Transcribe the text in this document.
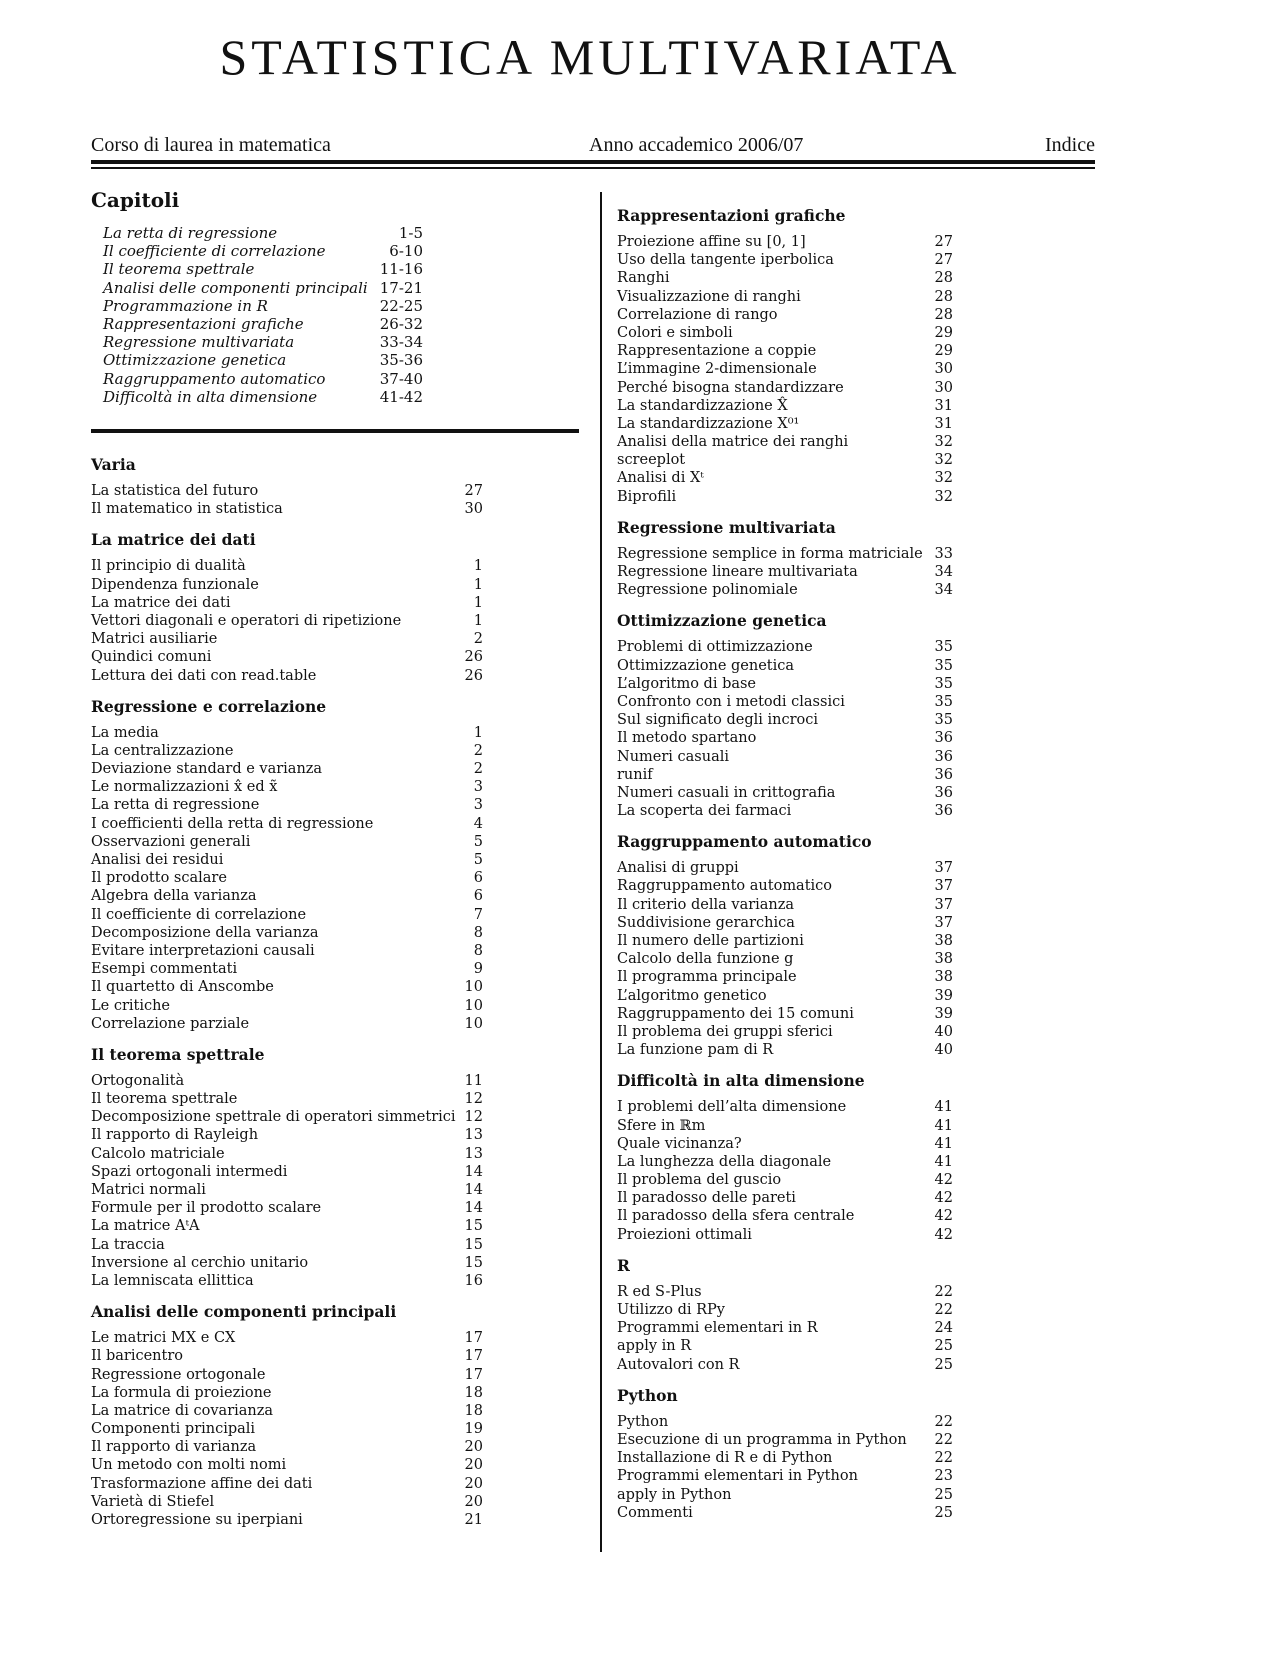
STATISTICA MULTIVARIATA
Corso di laurea in matematica	Anno accademico 2006/07	Indice
Capitoli
La retta di regressione	1-5
Il coefficiente di correlazione	6-10
Il teorema spettrale	11-16
Analisi delle componenti principali 17-21
Programmazione in R	22-25
Rappresentazioni grafiche	26-32
Regressione multivariata	33-34
Ottimizzazione genetica	35-36
Raggruppamento automatico	37-40
Difficoltà in alta dimensione	41-42
Varia
La statistica del futuro	27
Il matematico in statistica	30
La matrice dei dati
Il principio di dualità	1
Dipendenza funzionale	1
La matrice dei dati	1
Vettori diagonali e operatori di ripetizione	1
Matrici ausiliarie	2
Quindici comuni	26
Lettura dei dati con read.table	26
Regressione e correlazione
La media	1
La centralizzazione	2
Deviazione standard e varianza	2
Le normalizzazioni x̂ ed x̃	3
La retta di regressione	3
I coefficienti della retta di regressione	4
Osservazioni generali	5
Analisi dei residui	5
Il prodotto scalare	6
Algebra della varianza	6
Il coefficiente di correlazione	7
Decomposizione della varianza	8
Evitare interpretazioni causali	8
Esempi commentati	9
Il quartetto di Anscombe	10
Le critiche	10
Correlazione parziale	10
Il teorema spettrale
Ortogonalità	11
Il teorema spettrale	12
Decomposizione spettrale di operatori simmetrici 12
Il rapporto di Rayleigh	13
Calcolo matriciale	13
Spazi ortogonali intermedi	14
Matrici normali	14
Formule per il prodotto scalare	14
La matrice AᵗA	15
La traccia	15
Inversione al cerchio unitario	15
La lemniscata ellittica	16
Analisi delle componenti principali
Le matrici MX e CX	17
Il baricentro	17
Regressione ortogonale	17
La formula di proiezione	18
La matrice di covarianza	18
Componenti principali	19
Il rapporto di varianza	20
Un metodo con molti nomi	20
Trasformazione affine dei dati	20
Varietà di Stiefel	20
Ortoregressione su iperpiani	21
Rappresentazioni grafiche
Proiezione affine su [0, 1]	27
Uso della tangente iperbolica	27
Ranghi	28
Visualizzazione di ranghi	28
Correlazione di rango	28
Colori e simboli	29
Rappresentazione a coppie	29
L’immagine 2-dimensionale	30
Perché bisogna standardizzare	30
La standardizzazione X̂	31
La standardizzazione X⁰¹	31
Analisi della matrice dei ranghi	32
screeplot	32
Analisi di Xᵗ	32
Biprofili	32
Regressione multivariata
Regressione semplice in forma matriciale 33
Regressione lineare multivariata	34
Regressione polinomiale	34
Ottimizzazione genetica
Problemi di ottimizzazione	35
Ottimizzazione genetica	35
L’algoritmo di base	35
Confronto con i metodi classici	35
Sul significato degli incroci	35
Il metodo spartano	36
Numeri casuali	36
runif	36
Numeri casuali in crittografia	36
La scoperta dei farmaci	36
Raggruppamento automatico
Analisi di gruppi	37
Raggruppamento automatico	37
Il criterio della varianza	37
Suddivisione gerarchica	37
Il numero delle partizioni	38
Calcolo della funzione g	38
Il programma principale	38
L’algoritmo genetico	39
Raggruppamento dei 15 comuni	39
Il problema dei gruppi sferici	40
La funzione pam di R	40
Difficoltà in alta dimensione
I problemi dell’alta dimensione	41
Sfere in ℝm	41
Quale vicinanza?	41
La lunghezza della diagonale	41
Il problema del guscio	42
Il paradosso delle pareti	42
Il paradosso della sfera centrale	42
Proiezioni ottimali	42
R
R ed S-Plus	22
Utilizzo di RPy	22
Programmi elementari in R	24
apply in R	25
Autovalori con R	25
Python
Python	22
Esecuzione di un programma in Python 22
Installazione di R e di Python	22
Programmi elementari in Python	23
apply in Python	25
Commenti	25
